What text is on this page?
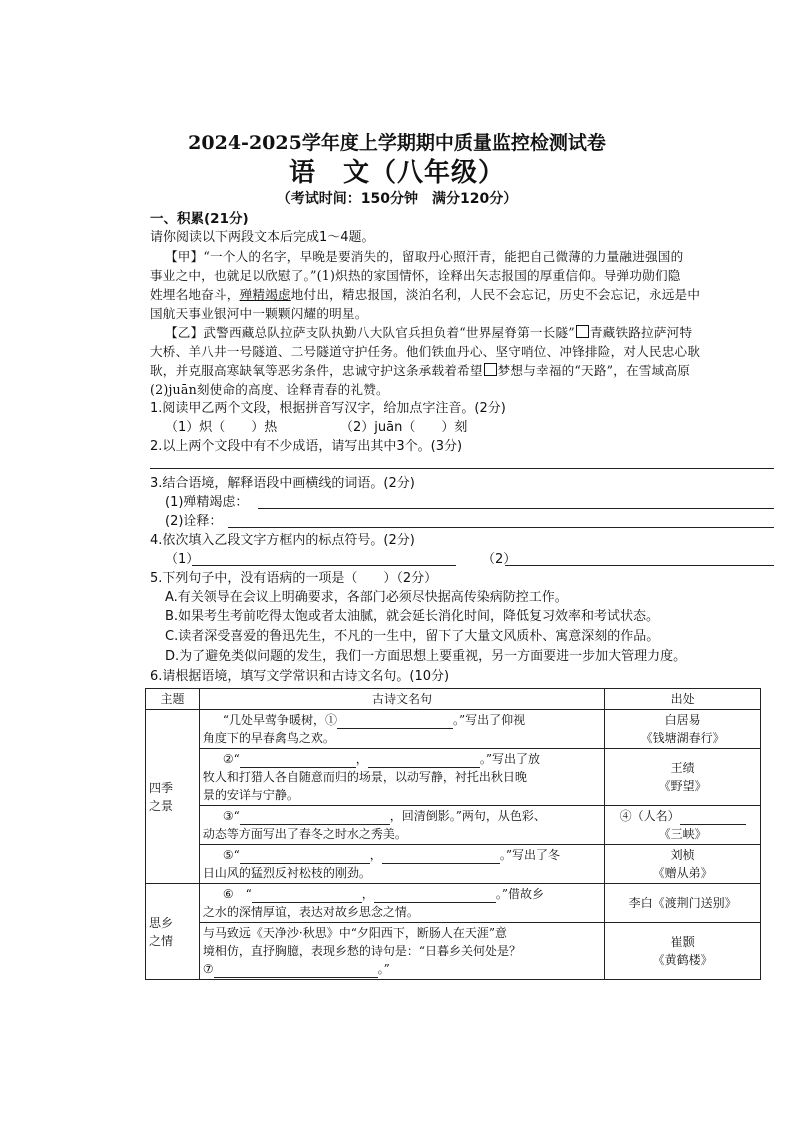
2024-2025学年度上学期期中质量监控检测试卷
语　文（八年级）
（考试时间：150分钟　满分120分）
一、积累(21分)
请你阅读以下两段文本后完成1～4题。
【甲】“一个人的名字，早晚是要消失的，留取丹心照汗青，能把自己微薄的力量融进强国的
事业之中，也就足以欣慰了。”(1)炽热的家国情怀，诠释出矢志报国的厚重信仰。导弹功勋们隐
姓埋名地奋斗，殚精竭虑地付出，精忠报国，淡泊名利，人民不会忘记，历史不会忘记，永远是中
国航天事业银河中一颗颗闪耀的明星。
【乙】武警西藏总队拉萨支队执勤八大队官兵担负着“世界屋脊第一长隧” 青藏铁路拉萨河特
大桥、羊八井一号隧道、二号隧道守护任务。他们铁血丹心、坚守哨位、冲锋排险，对人民忠心耿
耿，并克服高寒缺氧等恶劣条件，忠诚守护这条承载着希望 梦想与幸福的“天路”，在雪域高原
(2)juān刻使命的高度、诠释青春的礼赞。
1.阅读甲乙两个文段，根据拼音写汉字，给加点字注音。(2分)
（1）炽（　　）热	（2）juān（　　）刻
2.以上两个文段中有不少成语，请写出其中3个。(3分)
3.结合语境，解释语段中画横线的词语。(2分)
(1)殚精竭虑：
(2)诠释：
4.依次填入乙段文字方框内的标点符号。(2分)
（1）	（2）
5.下列句子中，没有语病的一项是（　　）（2分）
A.有关领导在会议上明确要求，各部门必须尽快据高传染病防控工作。
B.如果考生考前吃得太饱或者太油腻，就会延长消化时间，降低复习效率和考试状态。
C.读者深受喜爱的鲁迅先生，不凡的一生中，留下了大量文风质朴、寓意深刻的作品。
D.为了避免类似问题的发生，我们一方面思想上要重视，另一方面要进一步加大管理力度。
6.请根据语境，填写文学常识和古诗文名句。(10分)
主题	古诗文名句	出处
四季
之景	“几处早莺争暖树，① 。”写出了仰视
角度下的早春禽鸟之欢。	白居易
《钱塘湖春行》
	②“ ， 。”写出了放
牧人和打猎人各自随意而归的场景，以动写静，衬托出秋日晚
景的安详与宁静。	王绩
《野望》
	③“ ，回清倒影。”两句，从色彩、
动态等方面写出了春冬之时水之秀美。	④（人名）
《三峡》
	⑤“ ， 。”写出了冬
日山风的猛烈反衬松枝的刚劲。	刘桢
《赠从弟》
思乡
之情	⑥　“ ， 。”借故乡
之水的深情厚谊，表达对故乡思念之情。	李白《渡荆门送别》
	与马致远《天净沙·秋思》中“夕阳西下，断肠人在天涯”意
境相仿，直抒胸臆，表现乡愁的诗句是：“日暮乡关何处是？
⑦ 。”	崔颢
《黄鹤楼》
